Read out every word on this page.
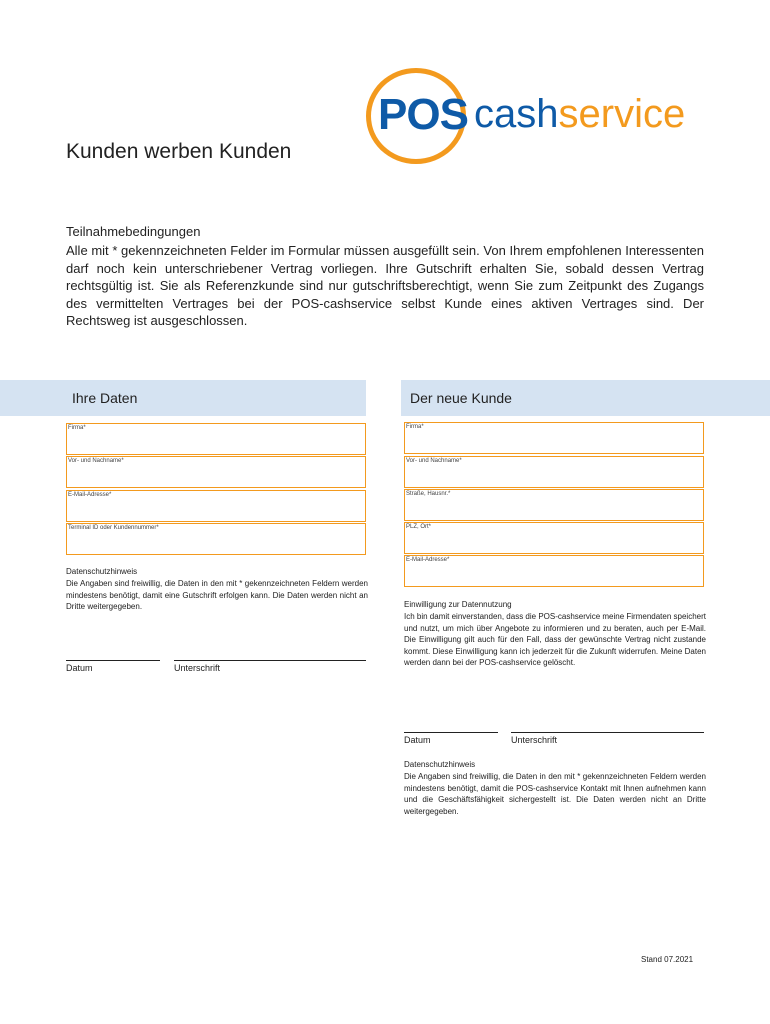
POS cashservice
Kunden werben Kunden
Teilnahmebedingungen
Alle mit * gekennzeichneten Felder im Formular müssen ausgefüllt sein. Von Ihrem empfohlenen Interessenten darf noch kein unterschriebener Vertrag vorliegen. Ihre Gutschrift erhalten Sie, sobald dessen Vertrag rechtsgültig ist. Sie als Referenzkunde sind nur gutschriftsberechtigt, wenn Sie zum Zeitpunkt des Zugangs des vermittelten Vertrages bei der POS-cashservice selbst Kunde eines aktiven Vertrages sind. Der Rechtsweg ist ausgeschlossen.
Ihre Daten	Der neue Kunde
Firma*
Vor- und Nachname*
E-Mail-Adresse*
Terminal ID oder Kundennummer*
Datenschutzhinweis
Die Angaben sind freiwillig, die Daten in den mit * gekennzeichneten Feldern werden mindestens benötigt, damit eine Gutschrift erfolgen kann. Die Daten werden nicht an Dritte weitergegeben.
Datum	Unterschrift
Firma*
Vor- und Nachname*
Straße, Hausnr.*
PLZ, Ort*
E-Mail-Adresse*
Einwilligung zur Datennutzung
Ich bin damit einverstanden, dass die POS-cashservice meine Firmendaten speichert und nutzt, um mich über Angebote zu informieren und zu beraten, auch per E-Mail. Die Einwilligung gilt auch für den Fall, dass der gewünschte Vertrag nicht zustande kommt. Diese Einwilligung kann ich jederzeit für die Zukunft widerrufen. Meine Daten werden dann bei der POS-cashservice gelöscht.
Datum	Unterschrift
Datenschutzhinweis
Die Angaben sind freiwillig, die Daten in den mit * gekennzeichneten Feldern werden mindestens benötigt, damit die POS-cashservice Kontakt mit Ihnen aufnehmen kann und die Geschäftsfähigkeit sichergestellt ist. Die Daten werden nicht an Dritte weitergegeben.
Stand 07.2021
